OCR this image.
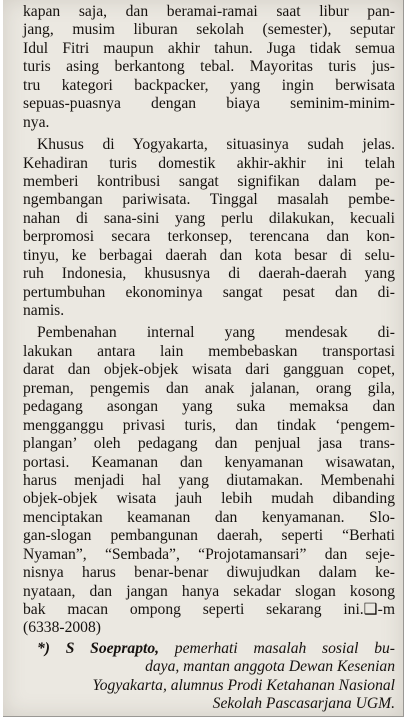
kapan saja, dan beramai-ramai saat libur pan-
jang, musim liburan sekolah (semester), seputar
Idul Fitri maupun akhir tahun. Juga tidak semua
turis asing berkantong tebal. Mayoritas turis jus-
tru kategori backpacker, yang ingin berwisata
sepuas-puasnya dengan biaya seminim-minim-
nya.
Khusus di Yogyakarta, situasinya sudah jelas.
Kehadiran turis domestik akhir-akhir ini telah
memberi kontribusi sangat signifikan dalam pe-
ngembangan pariwisata. Tinggal masalah pembe-
nahan di sana-sini yang perlu dilakukan, kecuali
berpromosi secara terkonsep, terencana dan kon-
tinyu, ke berbagai daerah dan kota besar di selu-
ruh Indonesia, khususnya di daerah-daerah yang
pertumbuhan ekonominya sangat pesat dan di-
namis.
Pembenahan internal yang mendesak di-
lakukan antara lain membebaskan transportasi
darat dan objek-objek wisata dari gangguan copet,
preman, pengemis dan anak jalanan, orang gila,
pedagang asongan yang suka memaksa dan
mengganggu privasi turis, dan tindak ‘pengem-
plangan’ oleh pedagang dan penjual jasa trans-
portasi. Keamanan dan kenyamanan wisawatan,
harus menjadi hal yang diutamakan. Membenahi
objek-objek wisata jauh lebih mudah dibanding
menciptakan keamanan dan kenyamanan. Slo-
gan-slogan pembangunan daerah, seperti “Berhati
Nyaman”, “Sembada”, “Projotamansari” dan seje-
nisnya harus benar-benar diwujudkan dalam ke-
nyataan, dan jangan hanya sekadar slogan kosong
bak macan ompong seperti sekarang ini.❑-m
(6338-2008)
*) S Soeprapto, pemerhati masalah sosial bu-
daya, mantan anggota Dewan Kesenian
Yogyakarta, alumnus Prodi Ketahanan Nasional
Sekolah Pascasarjana UGM.
